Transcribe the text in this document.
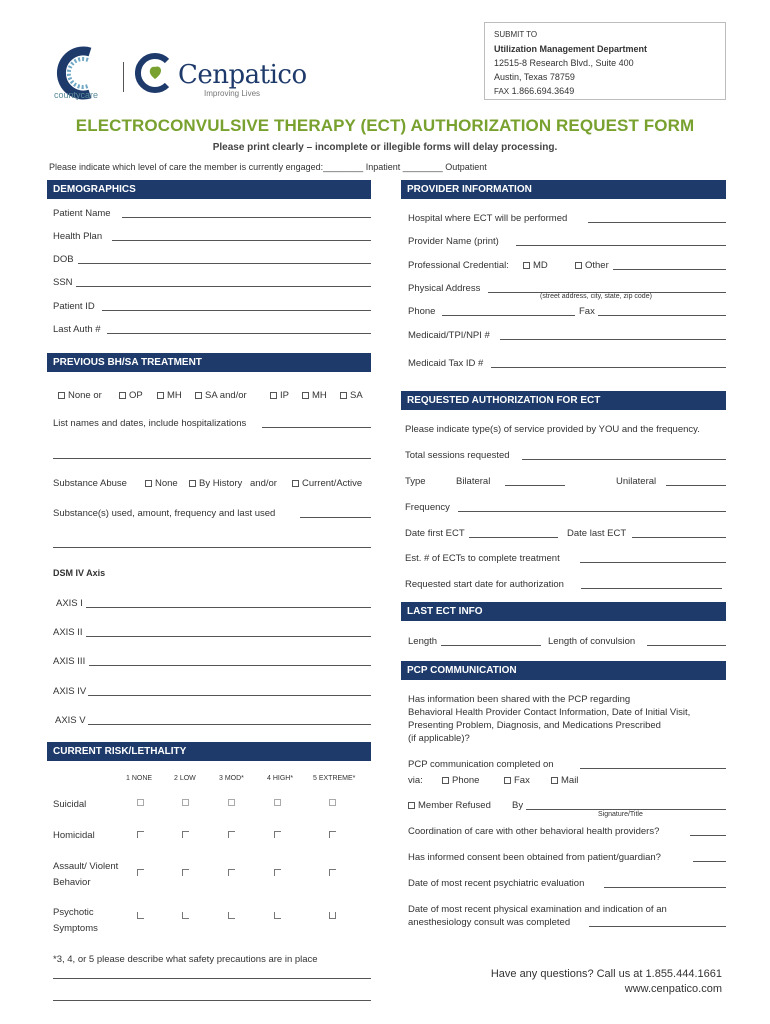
SUBMIT TO
Utilization Management Department
12515-8 Research Blvd., Suite 400
Austin, Texas 78759
FAX 1.866.694.3649
countycare
Cenpatico
Improving Lives
ELECTROCONVULSIVE THERAPY (ECT) AUTHORIZATION REQUEST FORM
Please print clearly – incomplete or illegible forms will delay processing.
Please indicate which level of care the member is currently engaged:________ Inpatient ________ Outpatient
DEMOGRAPHICS
Patient Name
Health Plan
DOB
SSN
Patient ID
Last Auth #
PREVIOUS BH/SA TREATMENT
None or	OP	MH	SA and/or	IP	MH	SA
List names and dates, include hospitalizations
Substance Abuse	None	By History and/or	Current/Active
Substance(s) used, amount, frequency and last used
DSM IV Axis
AXIS I
AXIS II
AXIS III
AXIS IV
AXIS V
CURRENT RISK/LETHALITY
1 NONE	2 LOW	3 MOD*	4 HIGH*	5 EXTREME*
Suicidal
Homicidal
Assault/ Violent
Behavior
Psychotic
Symptoms
*3, 4, or 5 please describe what safety precautions are in place
PROVIDER INFORMATION
Hospital where ECT will be performed
Provider Name (print)
Professional Credential:	MD	Other
Physical Address
(street address, city, state, zip code)
Phone	Fax
Medicaid/TPI/NPI #
Medicaid Tax ID #
REQUESTED AUTHORIZATION FOR ECT
Please indicate type(s) of service provided by YOU and the frequency.
Total sessions requested
Type	Bilateral	Unilateral
Frequency
Date first ECT	Date last ECT
Est. # of ECTs to complete treatment
Requested start date for authorization
LAST ECT INFO
Length	Length of convulsion
PCP COMMUNICATION
Has information been shared with the PCP regarding
Behavioral Health Provider Contact Information, Date of Initial Visit,
Presenting Problem, Diagnosis, and Medications Prescribed
(if applicable)?
PCP communication completed on
via:	Phone	Fax	Mail
Member Refused By
Signature/Title
Coordination of care with other behavioral health providers?
Has informed consent been obtained from patient/guardian?
Date of most recent psychiatric evaluation
Date of most recent physical examination and indication of an
anesthesiology consult was completed
Have any questions? Call us at 1.855.444.1661
www.cenpatico.com
